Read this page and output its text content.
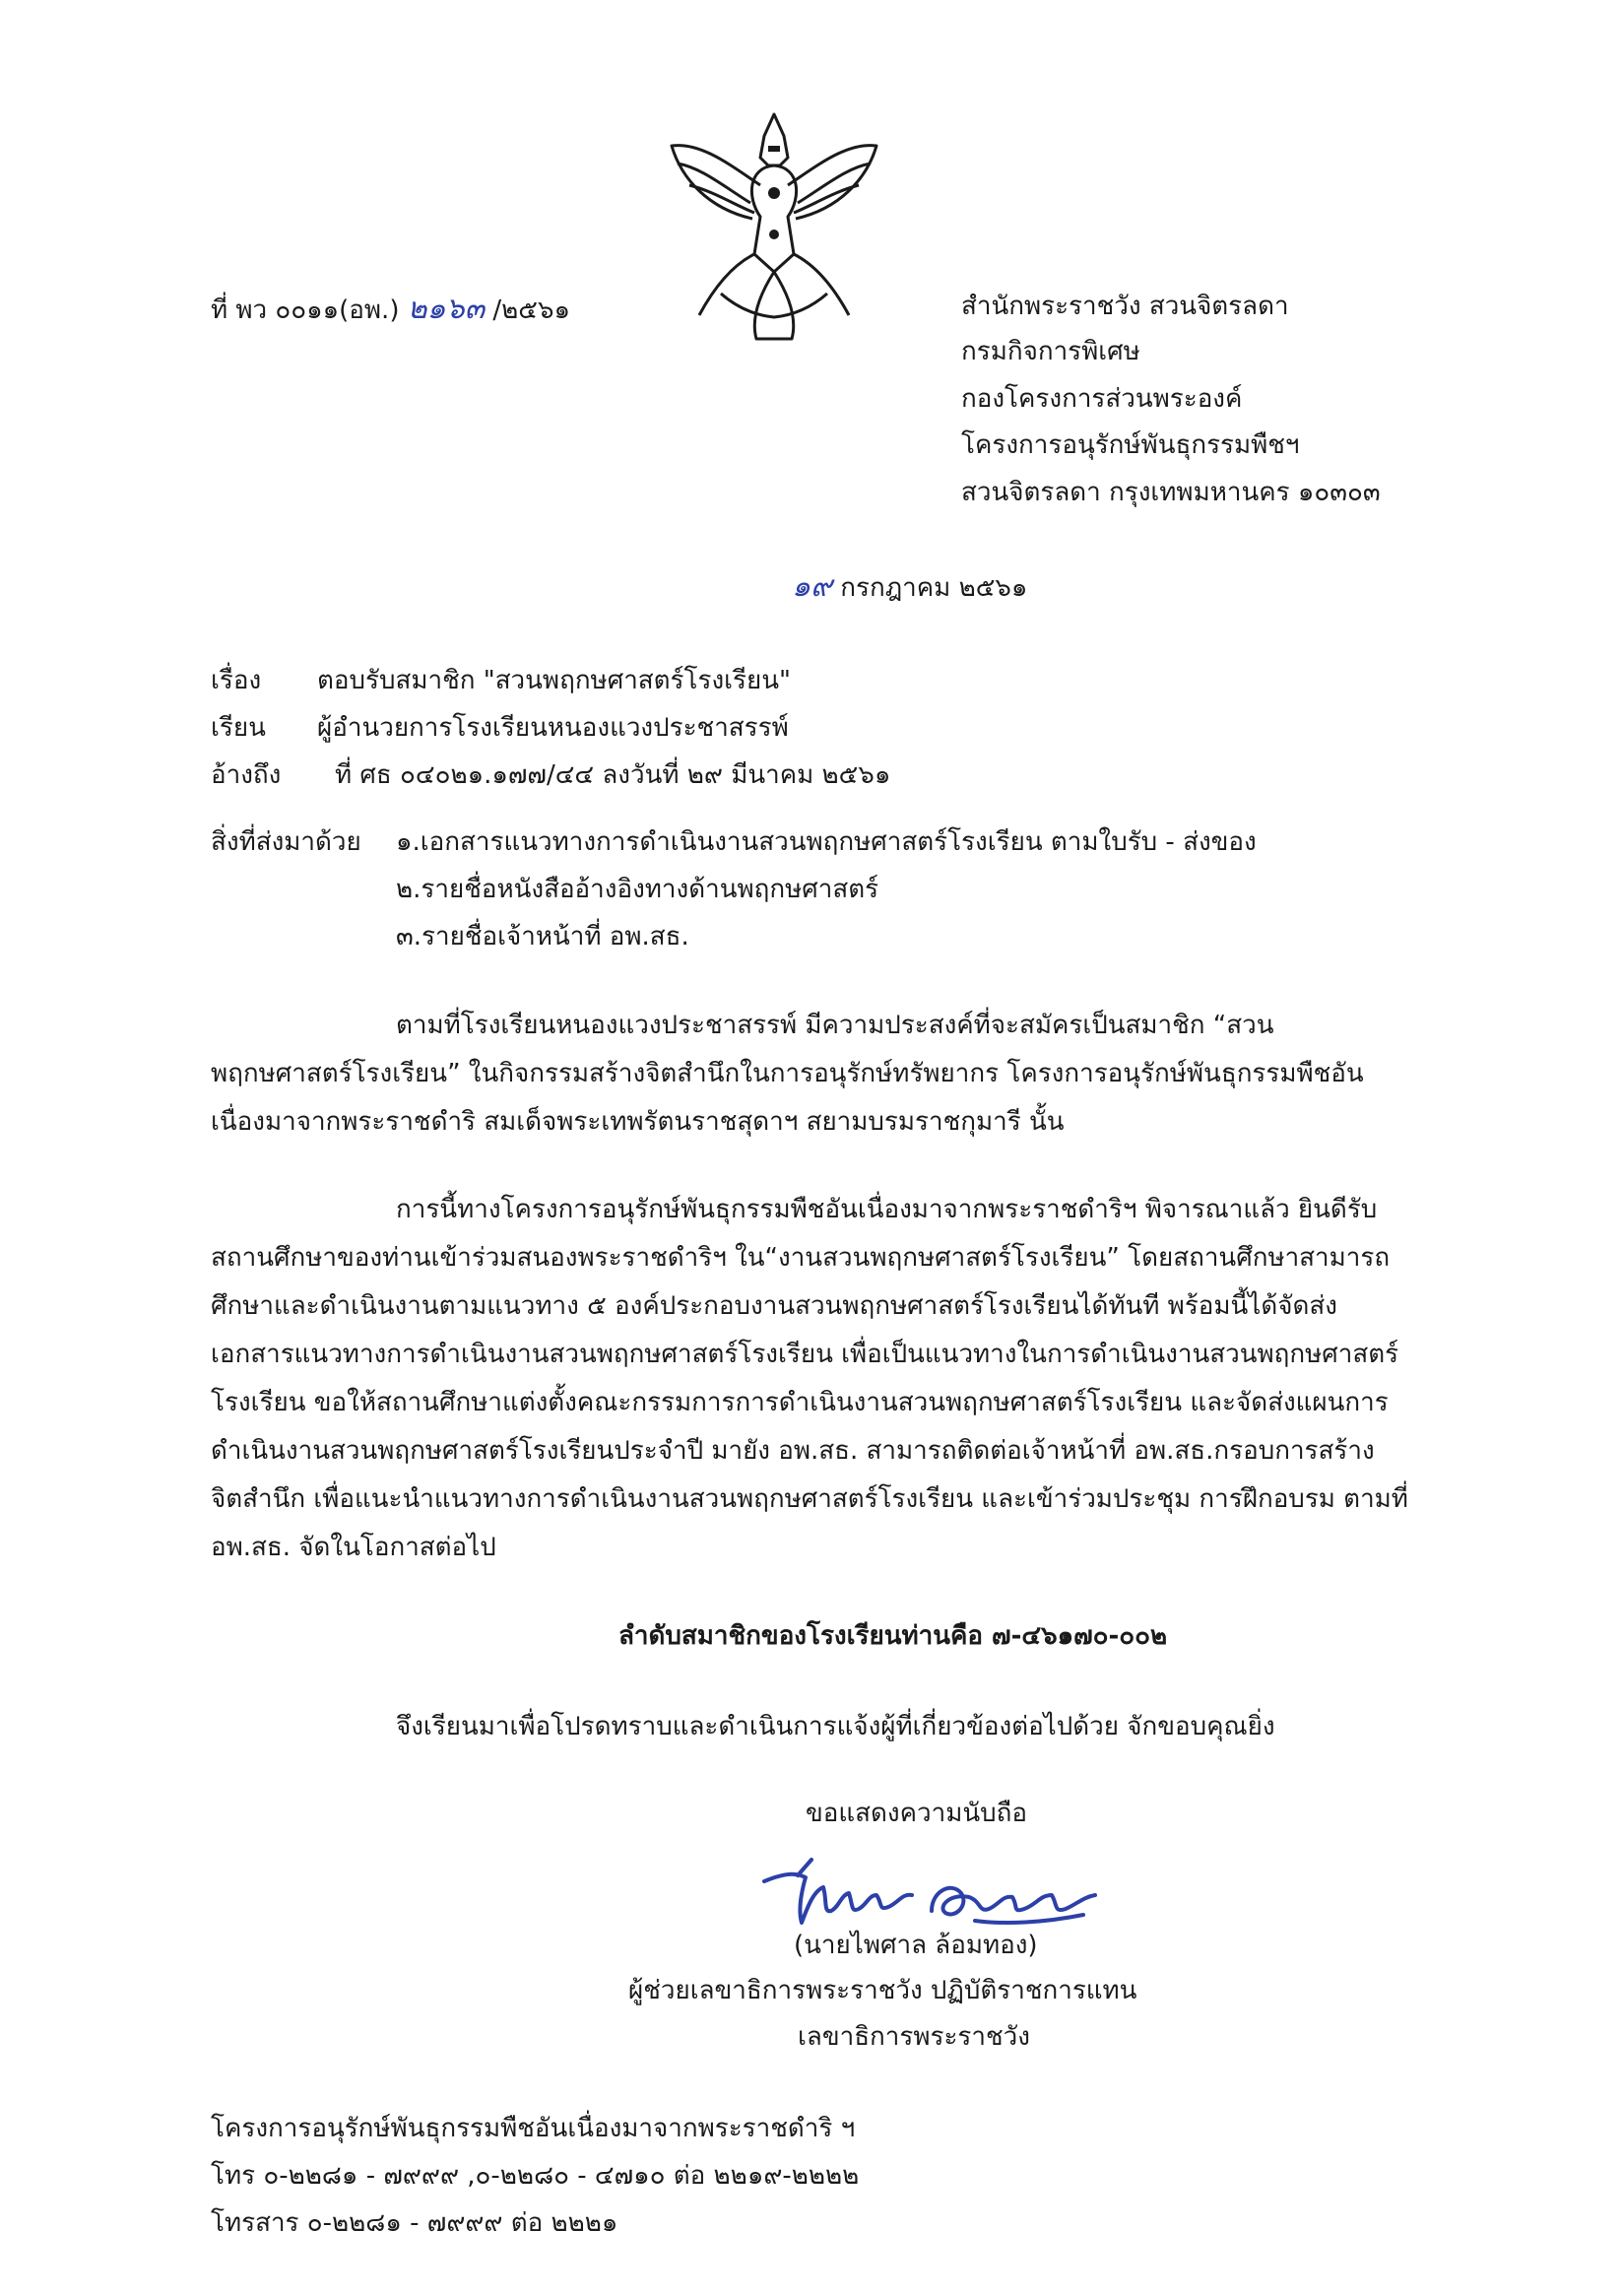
ที่ พว ๐๐๑๑(อพ.) ๒๑๖๓ /๒๕๖๑	สำนักพระราชวัง สวนจิตรลดา
กรมกิจการพิเศษ
กองโครงการส่วนพระองค์
โครงการอนุรักษ์พันธุกรรมพืชฯ
สวนจิตรลดา กรุงเทพมหานคร ๑๐๓๐๓
๑๙ กรกฎาคม ๒๕๖๑
เรื่อง ตอบรับสมาชิก "สวนพฤกษศาสตร์โรงเรียน"
เรียน ผู้อำนวยการโรงเรียนหนองแวงประชาสรรพ์
อ้างถึง ที่ ศธ ๐๔๐๒๑.๑๗๗/๔๔ ลงวันที่ ๒๙ มีนาคม ๒๕๖๑
สิ่งที่ส่งมาด้วย ๑.เอกสารแนวทางการดำเนินงานสวนพฤกษศาสตร์โรงเรียน ตามใบรับ - ส่งของ
๒.รายชื่อหนังสืออ้างอิงทางด้านพฤกษศาสตร์
๓.รายชื่อเจ้าหน้าที่ อพ.สธ.
ตามที่โรงเรียนหนองแวงประชาสรรพ์ มีความประสงค์ที่จะสมัครเป็นสมาชิก “สวน
พฤกษศาสตร์โรงเรียน” ในกิจกรรมสร้างจิตสำนึกในการอนุรักษ์ทรัพยากร โครงการอนุรักษ์พันธุกรรมพืชอัน
เนื่องมาจากพระราชดำริ สมเด็จพระเทพรัตนราชสุดาฯ สยามบรมราชกุมารี นั้น
การนี้ทางโครงการอนุรักษ์พันธุกรรมพืชอันเนื่องมาจากพระราชดำริฯ พิจารณาแล้ว ยินดีรับ
สถานศึกษาของท่านเข้าร่วมสนองพระราชดำริฯ ใน“งานสวนพฤกษศาสตร์โรงเรียน” โดยสถานศึกษาสามารถ
ศึกษาและดำเนินงานตามแนวทาง ๕ องค์ประกอบงานสวนพฤกษศาสตร์โรงเรียนได้ทันที พร้อมนี้ได้จัดส่ง
เอกสารแนวทางการดำเนินงานสวนพฤกษศาสตร์โรงเรียน เพื่อเป็นแนวทางในการดำเนินงานสวนพฤกษศาสตร์
โรงเรียน ขอให้สถานศึกษาแต่งตั้งคณะกรรมการการดำเนินงานสวนพฤกษศาสตร์โรงเรียน และจัดส่งแผนการ
ดำเนินงานสวนพฤกษศาสตร์โรงเรียนประจำปี มายัง อพ.สธ. สามารถติดต่อเจ้าหน้าที่ อพ.สธ.กรอบการสร้าง
จิตสำนึก เพื่อแนะนำแนวทางการดำเนินงานสวนพฤกษศาสตร์โรงเรียน และเข้าร่วมประชุม การฝึกอบรม ตามที่
อพ.สธ. จัดในโอกาสต่อไป
ลำดับสมาชิกของโรงเรียนท่านคือ ๗-๔๖๑๗๐-๐๐๒
จึงเรียนมาเพื่อโปรดทราบและดำเนินการแจ้งผู้ที่เกี่ยวข้องต่อไปด้วย จักขอบคุณยิ่ง
ขอแสดงความนับถือ
(นายไพศาล ล้อมทอง)
ผู้ช่วยเลขาธิการพระราชวัง ปฏิบัติราชการแทน
เลขาธิการพระราชวัง
โครงการอนุรักษ์พันธุกรรมพืชอันเนื่องมาจากพระราชดำริ ฯ
โทร ๐-๒๒๘๑ - ๗๙๙๙ ,๐-๒๒๘๐ - ๔๗๑๐ ต่อ ๒๒๑๙-๒๒๒๒
โทรสาร ๐-๒๒๘๑ - ๗๙๙๙ ต่อ ๒๒๒๑
